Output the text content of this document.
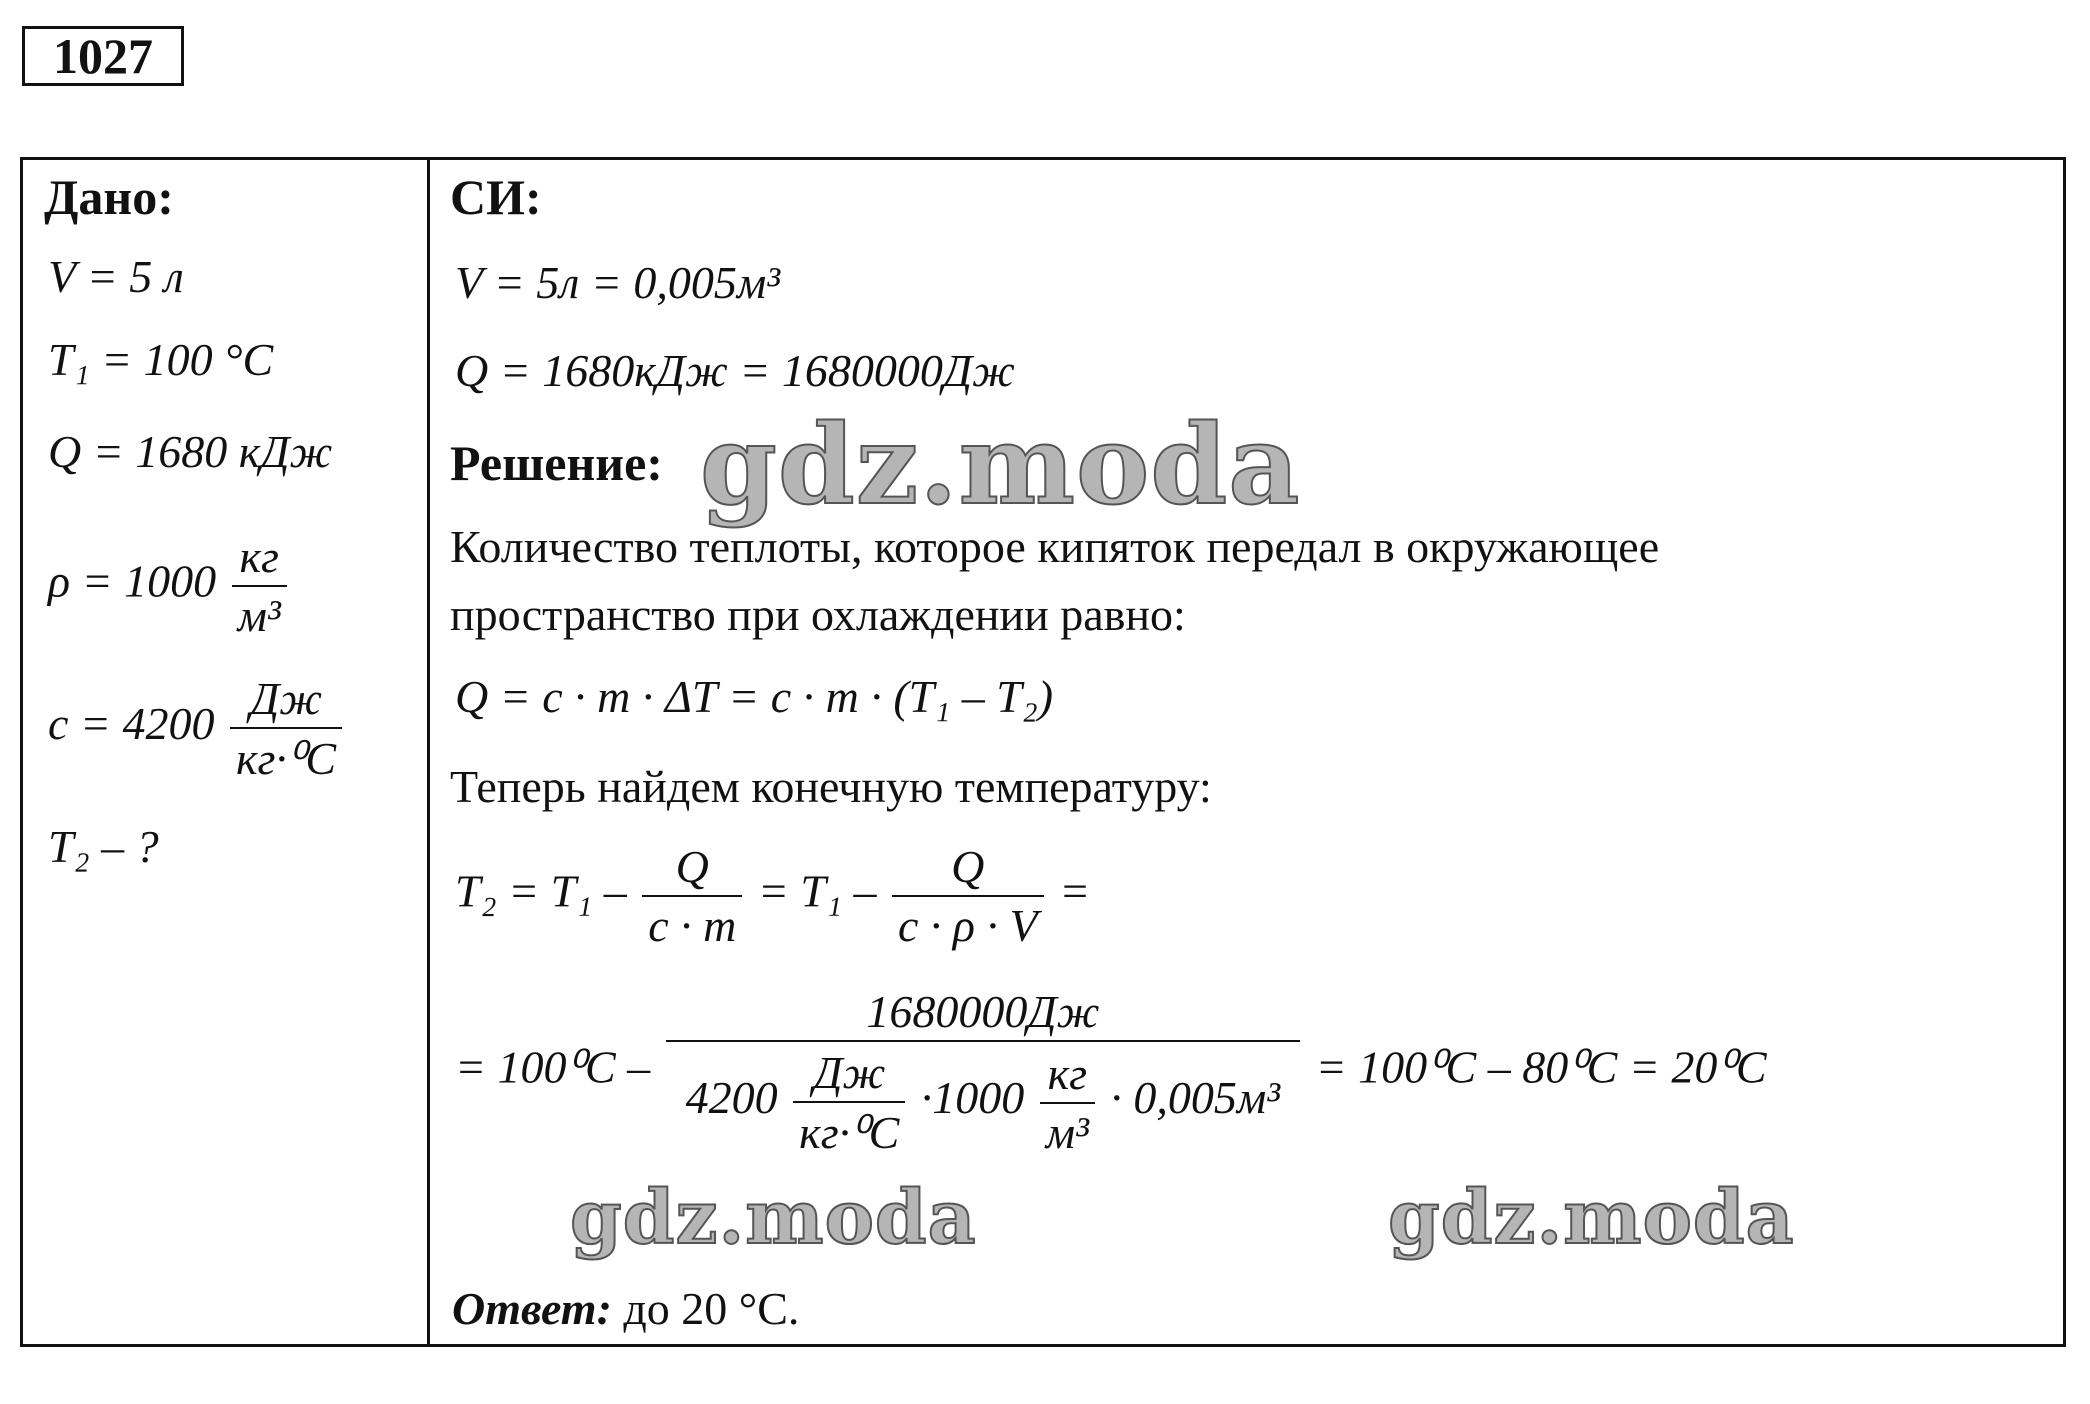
1027
Дано:
V = 5 л
T₁ = 100 °C
Q = 1680 кДж
$\rho = 1000 \frac{кг}{\text{м³}}$
$c = 4200 \frac{Дж}{\text{кг·⁰C}}$
T₂ – ?
СИ:
V = 5л = 0,005м³
Q = 1680кДж = 1680000Дж
Решение:
Количество теплоты, которое кипяток передал в окружающее
пространство при охлаждении равно:
Q = c · m · ΔT = c · m · (T₁ – T₂)
Теперь найдем конечную температуру:
$T_2 = T_1 - \frac{Q}{c \cdot m} = T_1 - \frac{Q}{c \cdot \rho \cdot V}$ =
= 100⁰C –
1680000Дж
$4200 \frac{Дж}{\text{кг·⁰C}} \cdot 1000 \frac{кг}{\text{м³}} \cdot 0,005м^3$
= 100⁰C – 80⁰C = 20⁰C
Ответ: до 20 °C.
gdz.moda
gdz.moda	gdz.moda
